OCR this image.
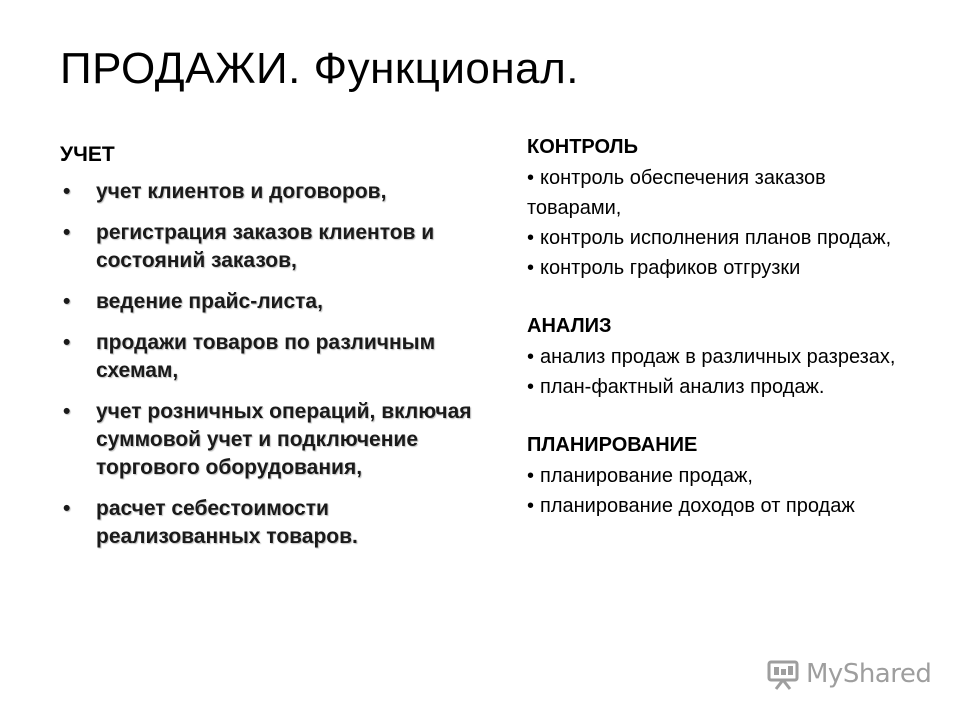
ПРОДАЖИ. Функционал.
УЧЕТ
• учет клиентов и договоров,
• регистрация заказов клиентов и состояний заказов,
• ведение прайс-листа,
• продажи товаров по различным схемам,
• учет розничных операций, включая суммовой учет и подключение торгового оборудования,
• расчет себестоимости реализованных товаров.
КОНТРОЛЬ
• контроль обеспечения заказов товарами,
• контроль исполнения планов продаж,
• контроль графиков отгрузки
АНАЛИЗ
• анализ продаж в различных разрезах,
• план-фактный анализ продаж.
ПЛАНИРОВАНИЕ
• планирование продаж,
• планирование доходов от продаж
MyShared
